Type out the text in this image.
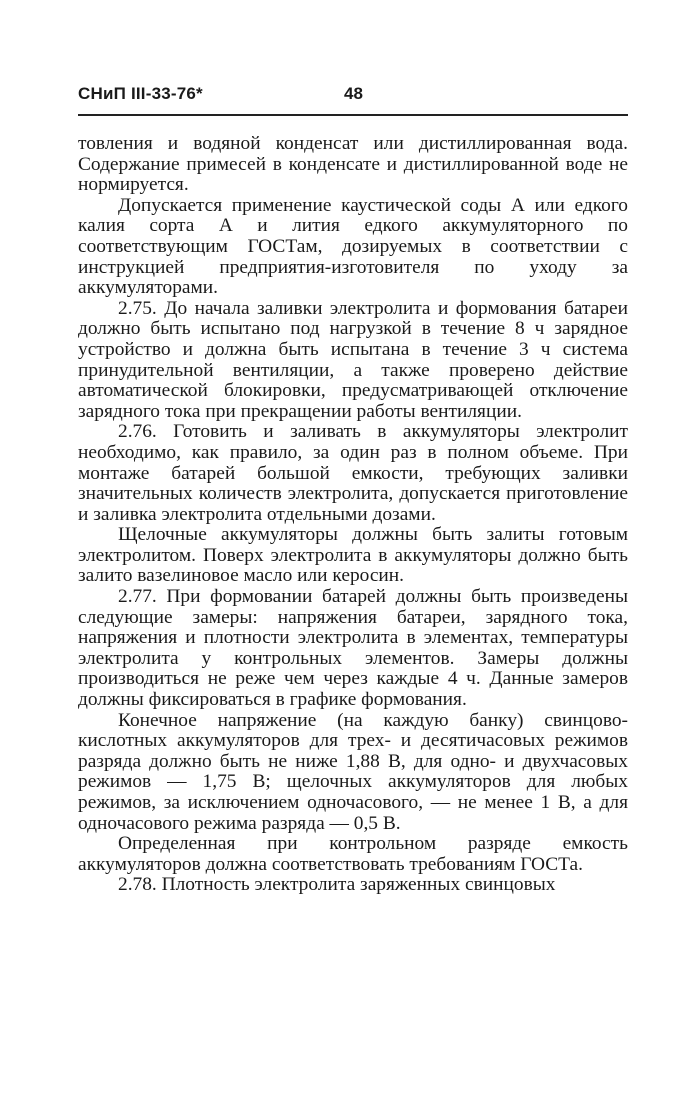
СНиП III-33-76*	48

товления и водяной конденсат или дистиллированная вода. Содержание примесей в конденсате и дистиллированной воде не нормируется.

Допускается применение каустической соды А или едкого калия сорта А и лития едкого аккумуляторного по соответствующим ГОСТам, дозируемых в соответствии с инструкцией предприятия-изготовителя по уходу за аккумуляторами.

2.75. До начала заливки электролита и формования батареи должно быть испытано под нагрузкой в течение 8 ч зарядное устройство и должна быть испытана в течение 3 ч система принудительной вентиляции, а также проверено действие автоматической блокировки, предусматривающей отключение зарядного тока при прекращении работы вентиляции.

2.76. Готовить и заливать в аккумуляторы электролит необходимо, как правило, за один раз в полном объеме. При монтаже батарей большой емкости, требующих заливки значительных количеств электролита, допускается приготовление и заливка электролита отдельными дозами.

Щелочные аккумуляторы должны быть залиты готовым электролитом. Поверх электролита в аккумуляторы должно быть залито вазелиновое масло или керосин.

2.77. При формовании батарей должны быть произведены следующие замеры: напряжения батареи, зарядного тока, напряжения и плотности электролита в элементах, температуры электролита у контрольных элементов. Замеры должны производиться не реже чем через каждые 4 ч. Данные замеров должны фиксироваться в графике формования.

Конечное напряжение (на каждую банку) свинцово-кислотных аккумуляторов для трех- и десятичасовых режимов разряда должно быть не ниже 1,88 В, для одно- и двухчасовых режимов — 1,75 В; щелочных аккумуляторов для любых режимов, за исключением одночасового, — не менее 1 В, а для одночасового режима разряда — 0,5 В.

Определенная при контрольном разряде емкость аккумуляторов должна соответствовать требованиям ГОСТа.

2.78. Плотность электролита заряженных свинцовых
